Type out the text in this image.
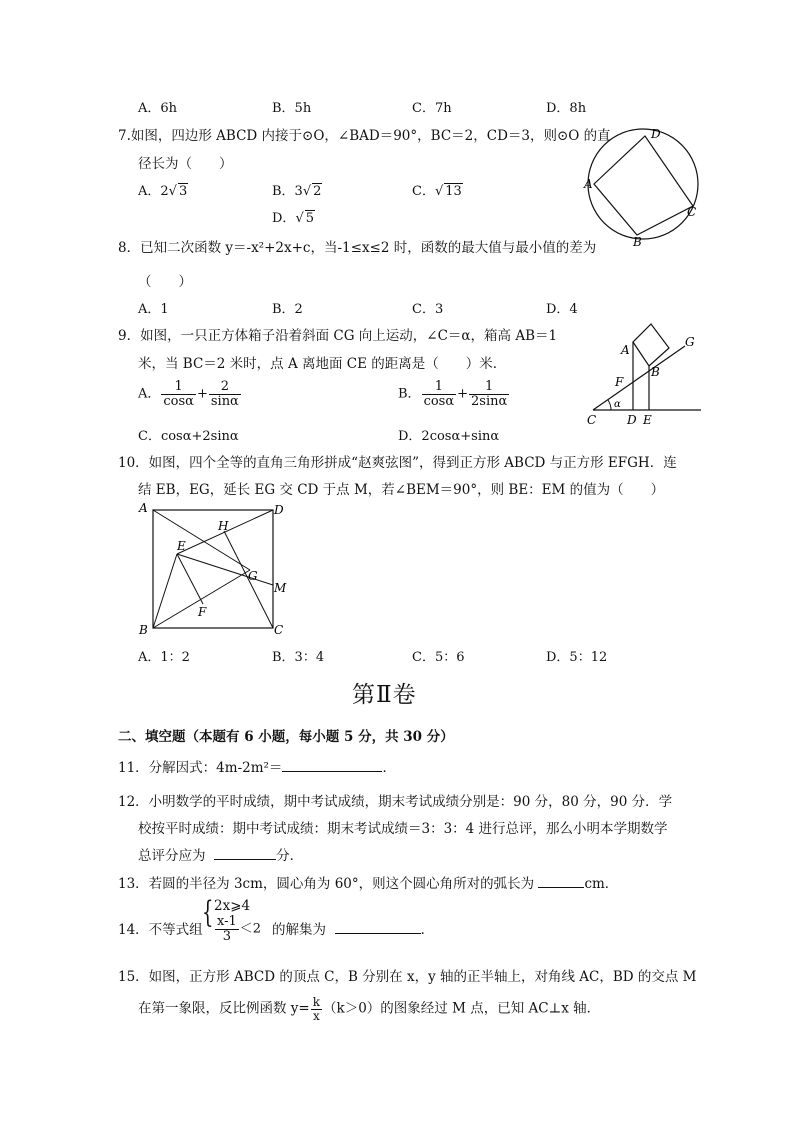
A．6h	B．5h	C．7h	D．8h
7.如图，四边形 ABCD 内接于⊙O，∠BAD＝90°，BC＝2，CD＝3，则⊙O 的直
径长为（　　）
A．2√ 3	B．3√ 2	C．√ 13
D．√ 5
A
D
C
B
8．已知二次函数 y＝-x²+2x+c，当-1≤x≤2 时，函数的最大值与最小值的差为
（　　）
A．1	B．2	C．3	D．4
9．如图，一只正方体箱子沿着斜面 CG 向上运动，∠C＝α，箱高 AB＝1
米，当 BC＝2 米时，点 A 离地面 CE 的距离是（　　）米．
A． $\frac{1}{\cos\alpha} + \frac{2}{\sin\alpha}$	B． $\frac{1}{\cos\alpha} + \frac{1}{2\sin\alpha}$
C．cosα+2sinα	D．2cosα+sinα
A
B
G
F
C	D E
α
10．如图，四个全等的直角三角形拼成“赵爽弦图”，得到正方形 ABCD 与正方形 EFGH．连
结 EB，EG，延长 EG 交 CD 于点 M，若∠BEM＝90°，则 BE：EM 的值为（　　）
A	D
B	C
H
E
G
M
F
A．1：2	B．3：4	C．5：6	D．5：12
第Ⅱ卷
二、填空题（本题有 6 小题，每小题 5 分，共 30 分）
11．分解因式：4m-2m²＝	．
12．小明数学的平时成绩，期中考试成绩，期末考试成绩分别是：90 分，80 分，90 分．学
校按平时成绩：期中考试成绩：期末考试成绩＝3：3：4 进行总评，那么小明本学期数学
总评分应为	分．
13．若圆的半径为 3cm，圆心角为 60°，则这个圆心角所对的弧长为	cm．
14．不等式组 { 2x⩾4
$\frac{x-1}{3} <2$ 的解集为	．
15．如图，正方形 ABCD 的顶点 C，B 分别在 x，y 轴的正半轴上，对角线 AC，BD 的交点 M
在第一象限，反比例函数 $y= \frac{k}{x} (k>0)$的图象经过 M 点，已知 AC⊥x 轴．
